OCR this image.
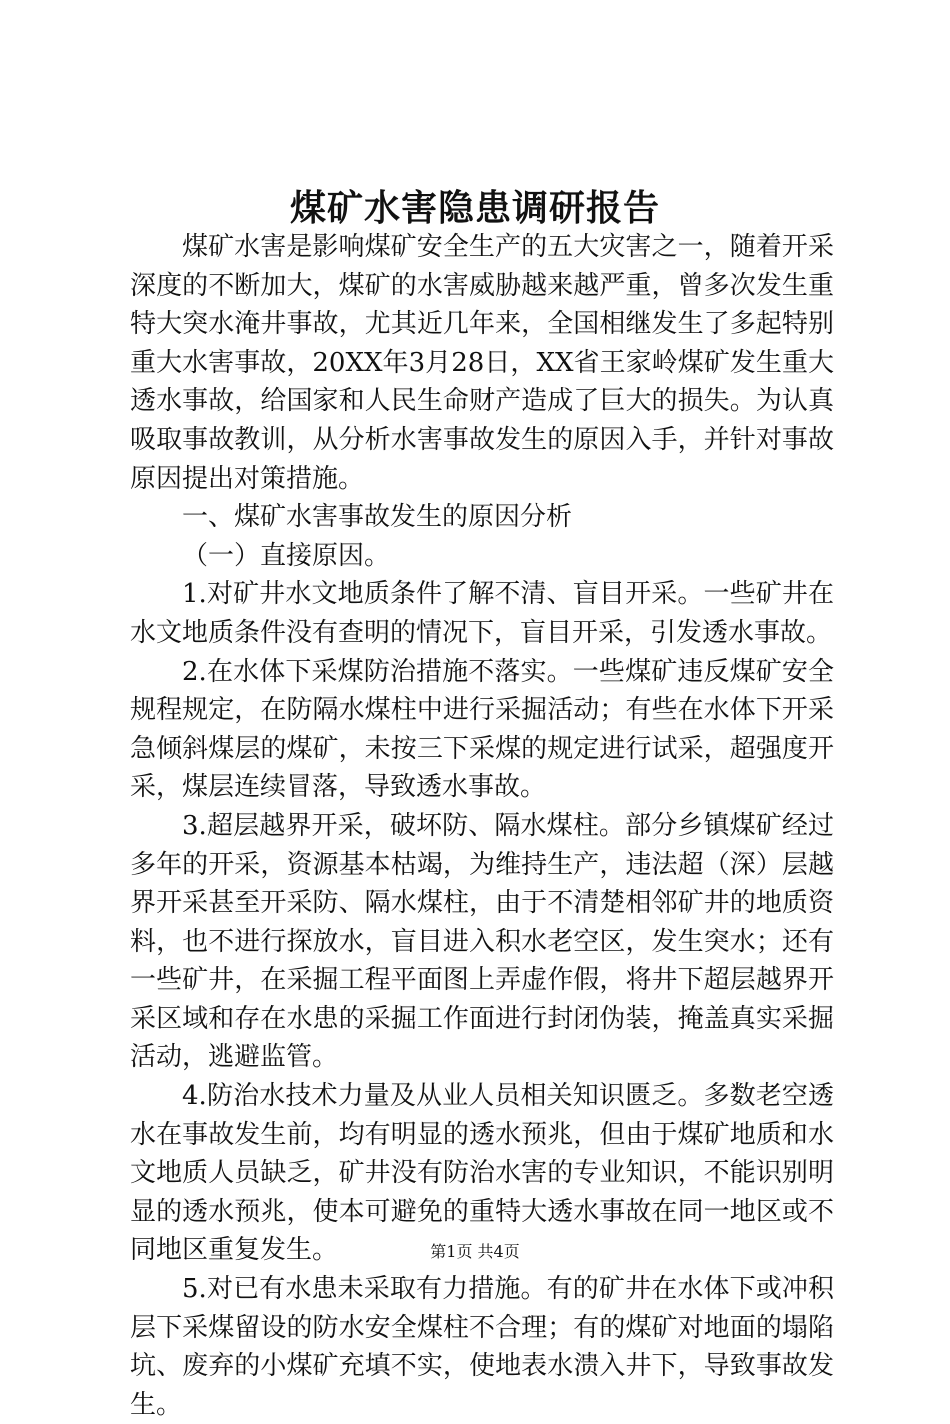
煤矿水害隐患调研报告

煤矿水害是影响煤矿安全生产的五大灾害之一，随着开采深度的不断加大，煤矿的水害威胁越来越严重，曾多次发生重特大突水淹井事故，尤其近几年来，全国相继发生了多起特别重大水害事故，20XX年3月28日，XX省王家岭煤矿发生重大透水事故，给国家和人民生命财产造成了巨大的损失。为认真吸取事故教训，从分析水害事故发生的原因入手，并针对事故原因提出对策措施。

一、煤矿水害事故发生的原因分析

（一）直接原因。

1.对矿井水文地质条件了解不清、盲目开采。一些矿井在水文地质条件没有查明的情况下，盲目开采，引发透水事故。

2.在水体下采煤防治措施不落实。一些煤矿违反煤矿安全规程规定，在防隔水煤柱中进行采掘活动；有些在水体下开采急倾斜煤层的煤矿，未按三下采煤的规定进行试采，超强度开采，煤层连续冒落，导致透水事故。

3.超层越界开采，破坏防、隔水煤柱。部分乡镇煤矿经过多年的开采，资源基本枯竭，为维持生产，违法超（深）层越界开采甚至开采防、隔水煤柱，由于不清楚相邻矿井的地质资料，也不进行探放水，盲目进入积水老空区，发生突水；还有一些矿井，在采掘工程平面图上弄虚作假，将井下超层越界开采区域和存在水患的采掘工作面进行封闭伪装，掩盖真实采掘活动，逃避监管。

4.防治水技术力量及从业人员相关知识匮乏。多数老空透水在事故发生前，均有明显的透水预兆，但由于煤矿地质和水文地质人员缺乏，矿井没有防治水害的专业知识，不能识别明显的透水预兆，使本可避免的重特大透水事故在同一地区或不同地区重复发生。

5.对已有水患未采取有力措施。有的矿井在水体下或冲积层下采煤留设的防水安全煤柱不合理；有的煤矿对地面的塌陷坑、废弃的小煤矿充填不实，使地表水溃入井下，导致事故发生。

第1页 共4页
